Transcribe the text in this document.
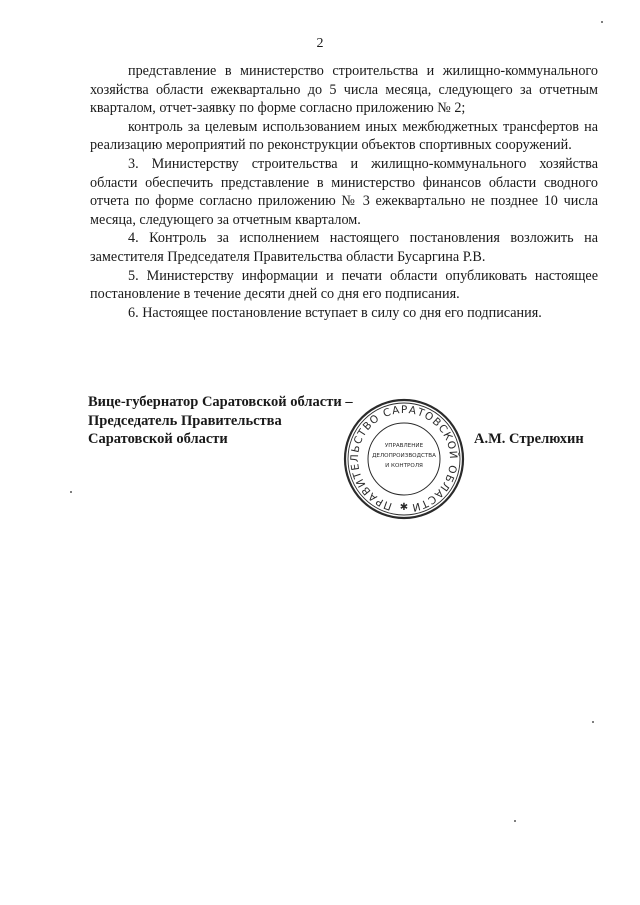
2

представление в министерство строительства и жилищно-коммунального хозяйства области ежеквартально до 5 числа месяца, следующего за отчетным кварталом, отчет-заявку по форме согласно приложению № 2;

контроль за целевым использованием иных межбюджетных трансфертов на реализацию мероприятий по реконструкции объектов спортивных сооружений.

3. Министерству строительства и жилищно-коммунального хозяйства области обеспечить представление в министерство финансов области сводного отчета по форме согласно приложению № 3 ежеквартально не позднее 10 числа месяца, следующего за отчетным кварталом.

4. Контроль за исполнением настоящего постановления возложить на заместителя Председателя Правительства области Бусаргина Р.В.

5. Министерству информации и печати области опубликовать настоящее постановление в течение десяти дней со дня его подписания.

6. Настоящее постановление вступает в силу со дня его подписания.

Вице-губернатор Саратовской области –
Председатель Правительства
Саратовской области
ПРАВИТЕЛЬСТВО САРАТОВСКОЙ ОБЛАСТИ
УПРАВЛЕНИЕ
ДЕЛОПРОИЗВОДСТВА
И КОНТРОЛЯ
✱
А.М. Стрелюхин
